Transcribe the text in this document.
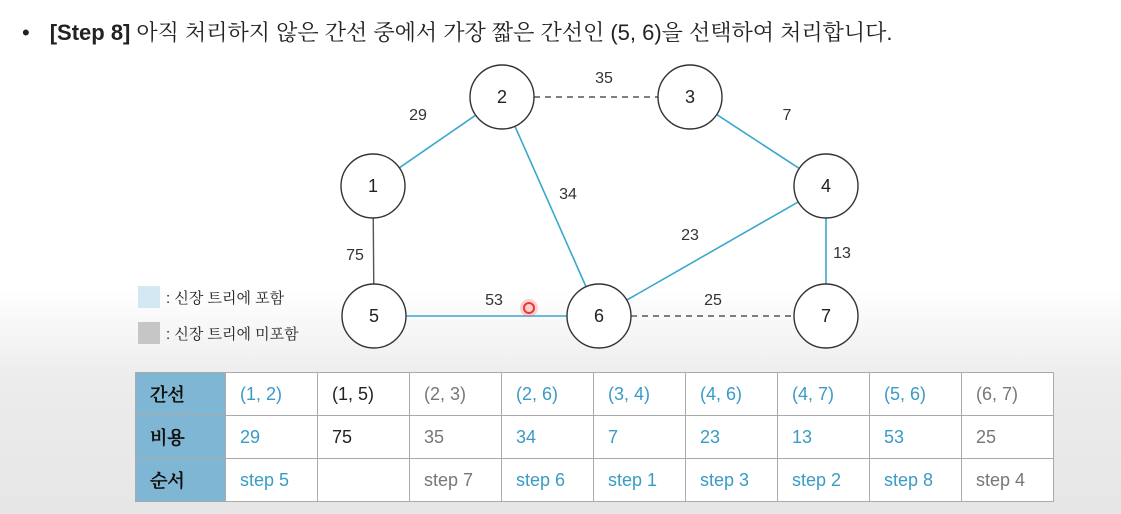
• [Step 8] 아직 처리하지 않은 간선 중에서 가장 짧은 간선인 (5, 6)을 선택하여 처리합니다.
29
75
35
34
7
23
13
53	25
1
2	3
4
5	6	7
: 신장 트리에 포함
: 신장 트리에 미포함
간선	(1, 2)	(1, 5)	(2, 3)	(2, 6)	(3, 4)	(4, 6)	(4, 7)	(5, 6)	(6, 7)
비용	29	75	35	34	7	23	13	53	25
순서	step 5		step 7	step 6	step 1	step 3	step 2	step 8	step 4
